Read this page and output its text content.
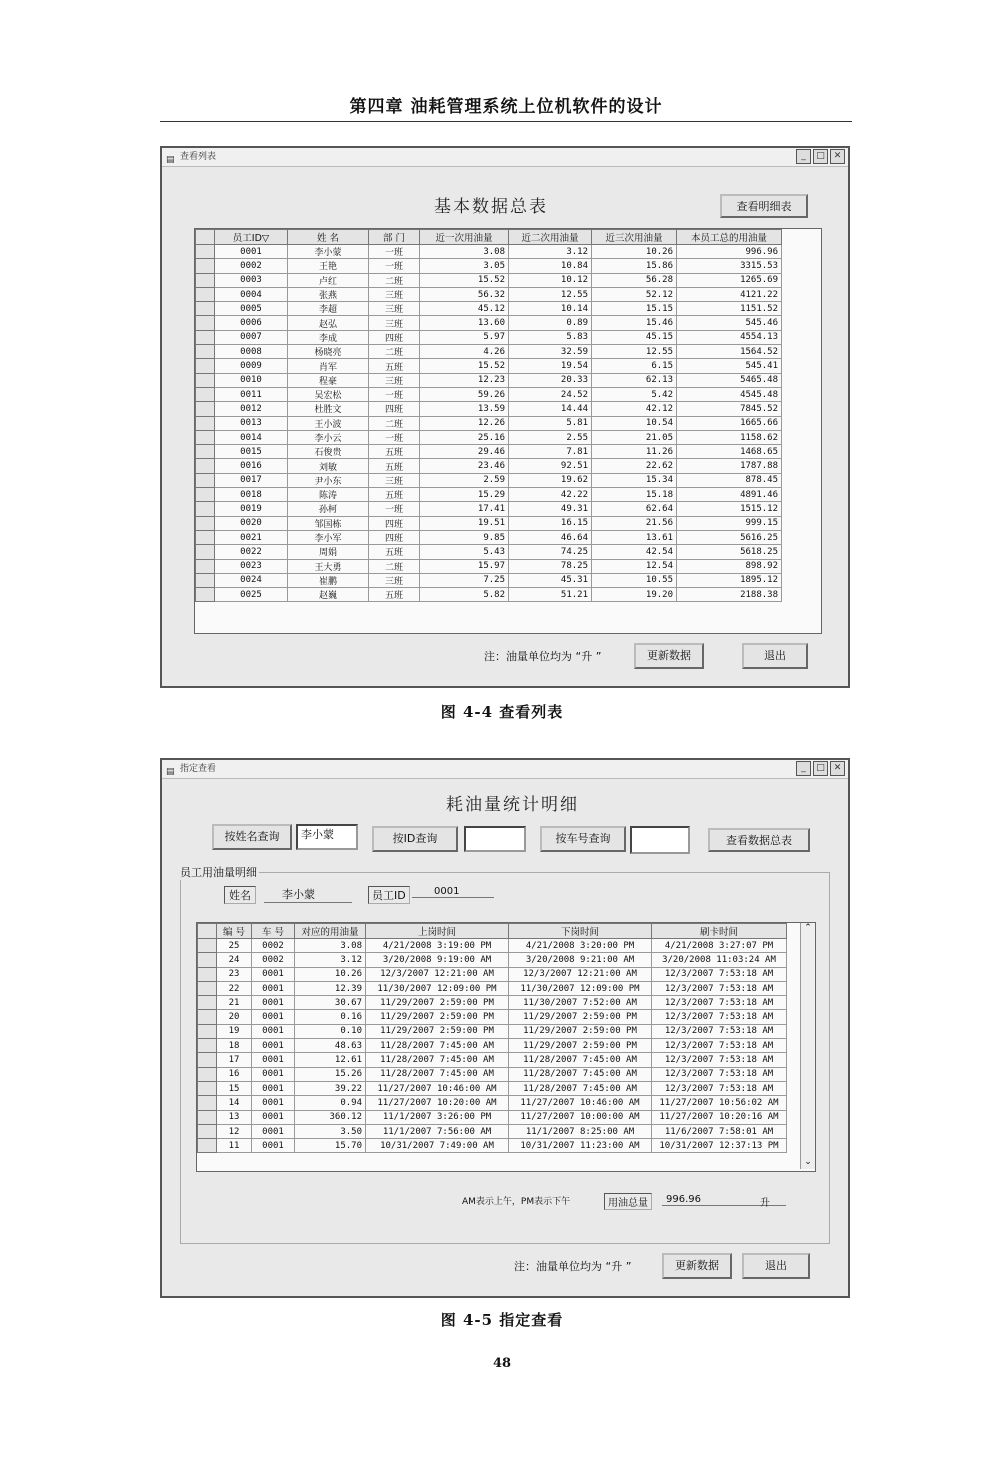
第四章 油耗管理系统上位机软件的设计
▤ 查看列表	_	□ ✕
基本数据总表	查看明细表
	员工ID▽	姓 名	部 门	近一次用油量	近二次用油量	近三次用油量	本员工总的用油量
	0001	李小蒙	一班	3.08	3.12	10.26	996.96
	0002	王艳	一班	3.05	10.84	15.86	3315.53
	0003	卢红	二班	15.52	10.12	56.28	1265.69
	0004	张燕	三班	56.32	12.55	52.12	4121.22
	0005	李超	三班	45.12	10.14	15.15	1151.52
	0006	赵弘	三班	13.60	0.89	15.46	545.46
	0007	李成	四班	5.97	5.83	45.15	4554.13
	0008	杨晓亮	二班	4.26	32.59	12.55	1564.52
	0009	肖军	五班	15.52	19.54	6.15	545.41
	0010	程豪	三班	12.23	20.33	62.13	5465.48
	0011	吴宏松	一班	59.26	24.52	5.42	4545.48
	0012	杜胜文	四班	13.59	14.44	42.12	7845.52
	0013	王小波	二班	12.26	5.81	10.54	1665.66
	0014	李小云	一班	25.16	2.55	21.05	1158.62
	0015	石俊贵	五班	29.46	7.81	11.26	1468.65
	0016	刘敏	五班	23.46	92.51	22.62	1787.88
	0017	尹小东	三班	2.59	19.62	15.34	878.45
	0018	陈涛	五班	15.29	42.22	15.18	4891.46
	0019	孙柯	一班	17.41	49.31	62.64	1515.12
	0020	邹国栋	四班	19.51	16.15	21.56	999.15
	0021	李小军	四班	9.85	46.64	13.61	5616.25
	0022	周娟	五班	5.43	74.25	42.54	5618.25
	0023	王大勇	二班	15.97	78.25	12.54	898.92
	0024	崔鹏	三班	7.25	45.31	10.55	1895.12
	0025	赵巍	五班	5.82	51.21	19.20	2188.38
注：油量单位均为 “升 ”	更新数据	退出
图 4-4 查看列表
▤ 指定查看	_	□ ✕
耗油量统计明细
按姓名查询	李小蒙	按ID查询	按车号查询	查看数据总表
员工用油量明细
姓名	李小蒙	员工ID	0001
	编 号	车 号	对应的用油量	上岗时间	下岗时间	刷卡时间
	25	0002	3.08	4/21/2008 3:19:00 PM	4/21/2008 3:20:00 PM	4/21/2008 3:27:07 PM
	24	0002	3.12	3/20/2008 9:19:00 AM	3/20/2008 9:21:00 AM	3/20/2008 11:03:24 AM
	23	0001	10.26	12/3/2007 12:21:00 AM	12/3/2007 12:21:00 AM	12/3/2007 7:53:18 AM
	22	0001	12.39	11/30/2007 12:09:00 PM	11/30/2007 12:09:00 PM	12/3/2007 7:53:18 AM
	21	0001	30.67	11/29/2007 2:59:00 PM	11/30/2007 7:52:00 AM	12/3/2007 7:53:18 AM
	20	0001	0.16	11/29/2007 2:59:00 PM	11/29/2007 2:59:00 PM	12/3/2007 7:53:18 AM
	19	0001	0.10	11/29/2007 2:59:00 PM	11/29/2007 2:59:00 PM	12/3/2007 7:53:18 AM
	18	0001	48.63	11/28/2007 7:45:00 AM	11/29/2007 2:59:00 PM	12/3/2007 7:53:18 AM
	17	0001	12.61	11/28/2007 7:45:00 AM	11/28/2007 7:45:00 AM	12/3/2007 7:53:18 AM
	16	0001	15.26	11/28/2007 7:45:00 AM	11/28/2007 7:45:00 AM	12/3/2007 7:53:18 AM
	15	0001	39.22	11/27/2007 10:46:00 AM	11/28/2007 7:45:00 AM	12/3/2007 7:53:18 AM
	14	0001	0.94	11/27/2007 10:20:00 AM	11/27/2007 10:46:00 AM	11/27/2007 10:56:02 AM
	13	0001	360.12	11/1/2007 3:26:00 PM	11/27/2007 10:00:00 AM	11/27/2007 10:20:16 AM
	12	0001	3.50	11/1/2007 7:56:00 AM	11/1/2007 8:25:00 AM	11/6/2007 7:58:01 AM
	11	0001	15.70	10/31/2007 7:49:00 AM	10/31/2007 11:23:00 AM	10/31/2007 12:37:13 PM
⌃
⌄
AM表示上午，PM表示下午	用油总量	996.96	升
注：油量单位均为 “升 ”	更新数据	退出
图 4-5 指定查看
48
